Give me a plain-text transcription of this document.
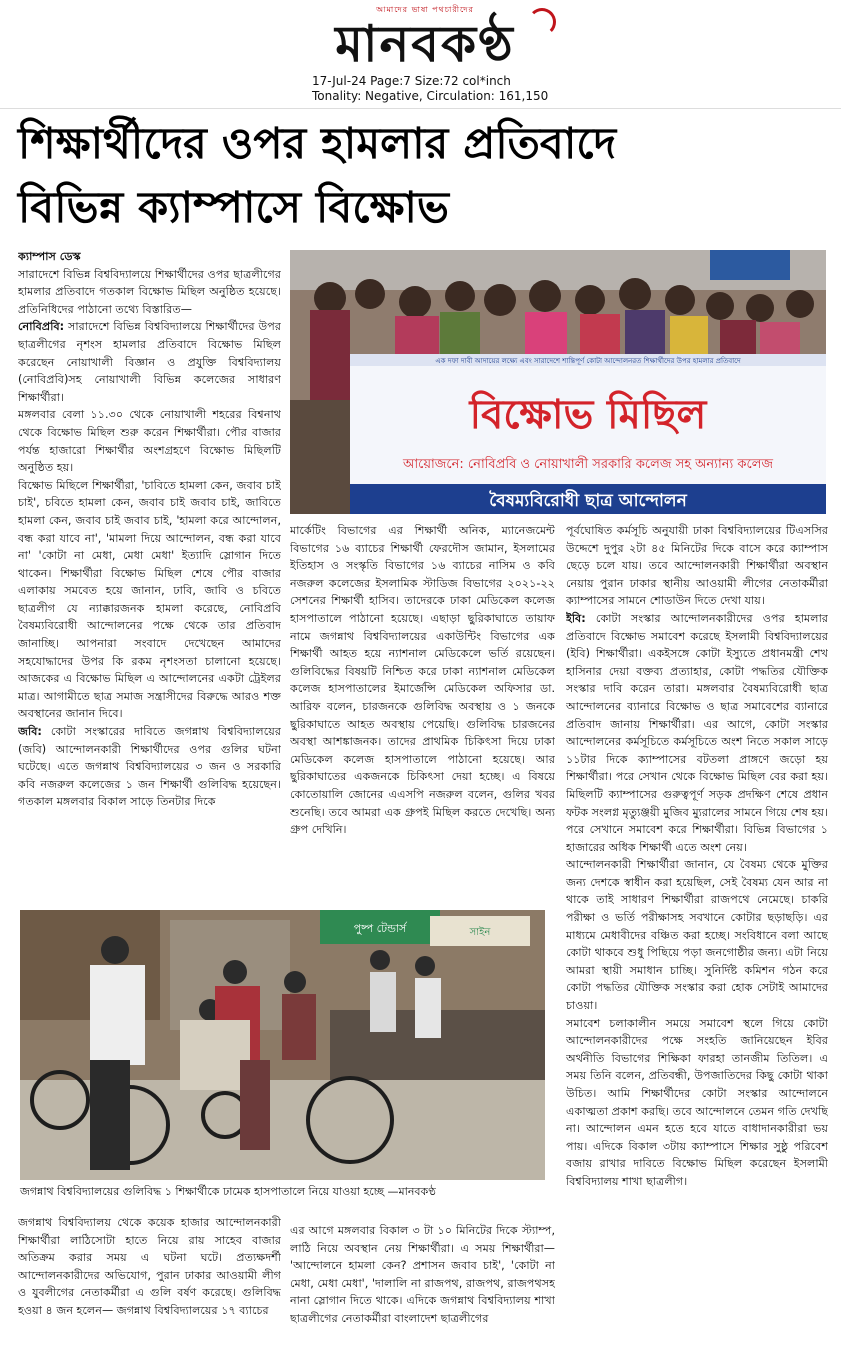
আমাদের ভাষা পথচারীদের
মানবকণ্ঠ
17-Jul-24 Page:7 Size:72 col*inch
Tonality: Negative, Circulation: 161,150
শিক্ষার্থীদের ওপর হামলার প্রতিবাদে
বিভিন্ন ক্যাম্পাসে বিক্ষোভ

ক্যাম্পাস ডেস্ক

সারাদেশে বিভিন্ন বিশ্ববিদ্যালয়ে শিক্ষার্থীদের ওপর ছাত্রলীগের হামলার প্রতিবাদে গতকাল বিক্ষোভ মিছিল অনুষ্ঠিত হয়েছে। প্রতিনিধিদের পাঠানো তথ্যে বিস্তারিত—

নোবিপ্রবি: সারাদেশে বিভিন্ন বিশ্ববিদ্যালয়ে শিক্ষার্থীদের উপর ছাত্রলীগের নৃশংস হামলার প্রতিবাদে বিক্ষোভ মিছিল করেছেন নোয়াখালী বিজ্ঞান ও প্রযুক্তি বিশ্ববিদ্যালয় (নোবিপ্রবি)সহ নোয়াখালী বিভিন্ন কলেজের সাধারণ শিক্ষার্থীরা।

মঙ্গলবার বেলা ১১.৩০ থেকে নোয়াখালী শহরের বিশ্বনাথ থেকে বিক্ষোভ মিছিল শুরু করেন শিক্ষার্থীরা। পৌর বাজার পর্যন্ত হাজারো শিক্ষার্থীর অংশগ্রহণে বিক্ষোভ মিছিলটি অনুষ্ঠিত হয়।

বিক্ষোভ মিছিলে শিক্ষার্থীরা, 'চাবিতে হামলা কেন, জবাব চাই চাই', চবিতে হামলা কেন, জবাব চাই জবাব চাই, জাবিতে হামলা কেন, জবাব চাই জবাব চাই, 'হামলা করে আন্দোলন, বন্ধ করা যাবে না', 'মামলা দিয়ে আন্দোলন, বন্ধ করা যাবে না' 'কোটা না মেধা, মেধা মেধা' ইত্যাদি স্লোগান দিতে থাকেন। শিক্ষার্থীরা বিক্ষোভ মিছিল শেষে পৌর বাজার এলাকায় সমবেত হয়ে জানান, ঢাবি, জাবি ও চবিতে ছাত্রলীগ যে ন্যাক্কারজনক হামলা করেছে, নোবিপ্রবি বৈষম্যবিরোধী আন্দোলনের পক্ষে থেকে তার প্রতিবাদ জানাচ্ছি। আপনারা সংবাদে দেখেছেন আমাদের সহযোদ্ধাদের উপর কি রকম নৃশংসতা চালানো হয়েছে। আজকের এ বিক্ষোভ মিছিল এ আন্দোলনের একটা ট্রেইলর মাত্র। আগামীতে ছাত্র সমাজ সন্ত্রাসীদের বিরুদ্ধে আরও শক্ত অবস্থানের জানান দিবে।

জবি: কোটা সংস্কারের দাবিতে জগন্নাথ বিশ্ববিদ্যালয়ের (জবি) আন্দোলনকারী শিক্ষার্থীদের ওপর গুলির ঘটনা ঘটেছে। এতে জগন্নাথ বিশ্ববিদ্যালয়ের ৩ জন ও সরকারি কবি নজরুল কলেজের ১ জন শিক্ষার্থী গুলিবিদ্ধ হয়েছেন। গতকাল মঙ্গলবার বিকাল সাড়ে তিনটার দিকে

এক দফা দাবী আদায়ের লক্ষ্যে এবং সারাদেশে শান্তিপূর্ণ কোটা আন্দোলনরত শিক্ষার্থীদের উপর হামলার প্রতিবাদে
বিক্ষোভ মিছিল
আয়োজনে: নোবিপ্রবি ও নোয়াখালী সরকারি কলেজ সহ অন্যান্য কলেজ
বৈষম্যবিরোধী ছাত্র আন্দোলন

মার্কেটিং বিভাগের এর শিক্ষার্থী অনিক, ম্যানেজমেন্ট বিভাগের ১৬ ব্যাচের শিক্ষার্থী ফেরদৌস জামান, ইসলামের ইতিহাস ও সংস্কৃতি বিভাগের ১৬ ব্যাচের নাসিম ও কবি নজরুল কলেজের ইসলামিক স্টাডিজ বিভাগের ২০২১-২২ সেশনের শিক্ষার্থী হাসিব। তাদেরকে ঢাকা মেডিকেল কলেজ হাসপাতালে পাঠানো হয়েছে। এছাড়া ছুরিকাঘাতে তায়াফ নামে জগন্নাথ বিশ্ববিদ্যালয়ের একাউন্টিং বিভাগের এক শিক্ষার্থী আহত হয়ে ন্যাশনাল মেডিকেলে ভর্তি রয়েছেন। গুলিবিদ্ধের বিষয়টি নিশ্চিত করে ঢাকা ন্যাশনাল মেডিকেল কলেজ হাসপাতালের ইমার্জেন্সি মেডিকেল অফিসার ডা. আরিফ বলেন, চারজনকে গুলিবিদ্ধ অবস্থায় ও ১ জনকে ছুরিকাঘাতে আহত অবস্থায় পেয়েছি। গুলিবিদ্ধ চারজনের অবস্থা আশঙ্কাজনক। তাদের প্রাথমিক চিকিৎসা দিয়ে ঢাকা মেডিকেল কলেজ হাসপাতালে পাঠানো হয়েছে। আর ছুরিকাঘাতের একজনকে চিকিৎসা দেয়া হচ্ছে। এ বিষয়ে কোতোয়ালি জোনের এএসপি নজরুল বলেন, গুলির খবর শুনেছি। তবে আমরা এক গ্রুপই মিছিল করতে দেখেছি। অন্য গ্রুপ দেখিনি।

পূর্বঘোষিত কর্মসূচি অনুযায়ী ঢাকা বিশ্ববিদ্যালয়ের টিএসসির উদ্দেশে দুপুর ২টা ৪৫ মিনিটের দিকে বাসে করে ক্যাম্পাস ছেড়ে চলে যায়। তবে আন্দোলনকারী শিক্ষার্থীরা অবস্থান নেয়ায় পুরান ঢাকার স্থানীয় আওয়ামী লীগের নেতাকর্মীরা ক্যাম্পাসের সামনে শোডাউন দিতে দেখা যায়।

ইবি: কোটা সংস্কার আন্দোলনকারীদের ওপর হামলার প্রতিবাদে বিক্ষোভ সমাবেশ করেছে ইসলামী বিশ্ববিদ্যালয়ের (ইবি) শিক্ষার্থীরা। একইসঙ্গে কোটা ইস্যুতে প্রধানমন্ত্রী শেখ হাসিনার দেয়া বক্তব্য প্রত্যাহার, কোটা পদ্ধতির যৌক্তিক সংস্কার দাবি করেন তারা। মঙ্গলবার বৈষম্যবিরোধী ছাত্র আন্দোলনের ব্যানারে বিক্ষোভ ও ছাত্র সমাবেশের ব্যানারে প্রতিবাদ জানায় শিক্ষার্থীরা। এর আগে, কোটা সংস্কার আন্দোলনের কর্মসূচিতে কর্মসূচিতে অংশ নিতে সকাল সাড়ে ১১টার দিকে ক্যাম্পাসের বটতলা প্রাঙ্গণে জড়ো হয় শিক্ষার্থীরা। পরে সেখান থেকে বিক্ষোভ মিছিল বের করা হয়। মিছিলটি ক্যাম্পাসের গুরুত্বপূর্ণ সড়ক প্রদক্ষিণ শেষে প্রধান ফটক সংলগ্ন মৃত্যুঞ্জয়ী মুজিব ম্যুরালের সামনে গিয়ে শেষ হয়। পরে সেখানে সমাবেশ করে শিক্ষার্থীরা। বিভিন্ন বিভাগের ১ হাজারের অধিক শিক্ষার্থী এতে অংশ নেয়।

আন্দোলনকারী শিক্ষার্থীরা জানান, যে বৈষম্য থেকে মুক্তির জন্য দেশকে স্বাধীন করা হয়েছিল, সেই বৈষম্য যেন আর না থাকে তাই সাধারণ শিক্ষার্থীরা রাজপথে নেমেছে। চাকরি পরীক্ষা ও ভর্তি পরীক্ষাসহ সবখানে কোটার ছড়াছড়ি। এর মাধ্যমে মেধাবীদের বঞ্চিত করা হচ্ছে। সংবিধানে বলা আছে কোটা থাকবে শুধু পিছিয়ে পড়া জনগোষ্ঠীর জন্য। এটা নিয়ে আমরা স্থায়ী সমাধান চাচ্ছি। সুনির্দিষ্ট কমিশন গঠন করে কোটা পদ্ধতির যৌক্তিক সংস্কার করা হোক সেটাই আমাদের চাওয়া।

সমাবেশ চলাকালীন সময়ে সমাবেশ স্থলে গিয়ে কোটা আন্দোলনকারীদের পক্ষে সংহতি জানিয়েছেন ইবির অর্থনীতি বিভাগের শিক্ষিকা ফারহা তানজীম তিতিল। এ সময় তিনি বলেন, প্রতিবন্ধী, উপজাতিদের কিছু কোটা থাকা উচিত। আমি শিক্ষার্থীদের কোটা সংস্কার আন্দোলনে একাত্মতা প্রকাশ করছি। তবে আন্দোলনে তেমন গতি দেখছি না। আন্দোলন এমন হতে হবে যাতে বাধাদানকারীরা ভয় পায়। এদিকে বিকাল ৩টায় ক্যাম্পাসে শিক্ষার সুষ্ঠু পরিবেশ বজায় রাখার দাবিতে বিক্ষোভ মিছিল করেছেন ইসলামী বিশ্ববিদ্যালয় শাখা ছাত্রলীগ।

পুষ্প টেন্ডার্স	সাইন
জগন্নাথ বিশ্ববিদ্যালয়ের গুলিবিদ্ধ ১ শিক্ষার্থীকে ঢামেক হাসপাতালে নিয়ে যাওয়া হচ্ছে —মানবকণ্ঠ

জগন্নাথ বিশ্ববিদ্যালয় থেকে কয়েক হাজার আন্দোলনকারী শিক্ষার্থীরা লাঠিসোটা হাতে নিয়ে রায় সাহেব বাজার অতিক্রম করার সময় এ ঘটনা ঘটে। প্রত্যক্ষদর্শী আন্দোলনকারীদের অভিযোগ, পুরান ঢাকার আওয়ামী লীগ ও যুবলীগের নেতাকর্মীরা এ গুলি বর্ষণ করেছে। গুলিবিদ্ধ হওয়া ৪ জন হলেন— জগন্নাথ বিশ্ববিদ্যালয়ের ১৭ ব্যাচের

এর আগে মঙ্গলবার বিকাল ৩ টা ১০ মিনিটের দিকে স্ট্যাম্প, লাঠি নিয়ে অবস্থান নেয় শিক্ষার্থীরা। এ সময় শিক্ষার্থীরা— 'আন্দোলনে হামলা কেন? প্রশাসন জবাব চাই', 'কোটা না মেধা, মেধা মেধা', 'দালালি না রাজপথ, রাজপথ, রাজপথসহ নানা স্লোগান দিতে থাকে। এদিকে জগন্নাথ বিশ্ববিদ্যালয় শাখা ছাত্রলীগের নেতাকর্মীরা বাংলাদেশ ছাত্রলীগের
